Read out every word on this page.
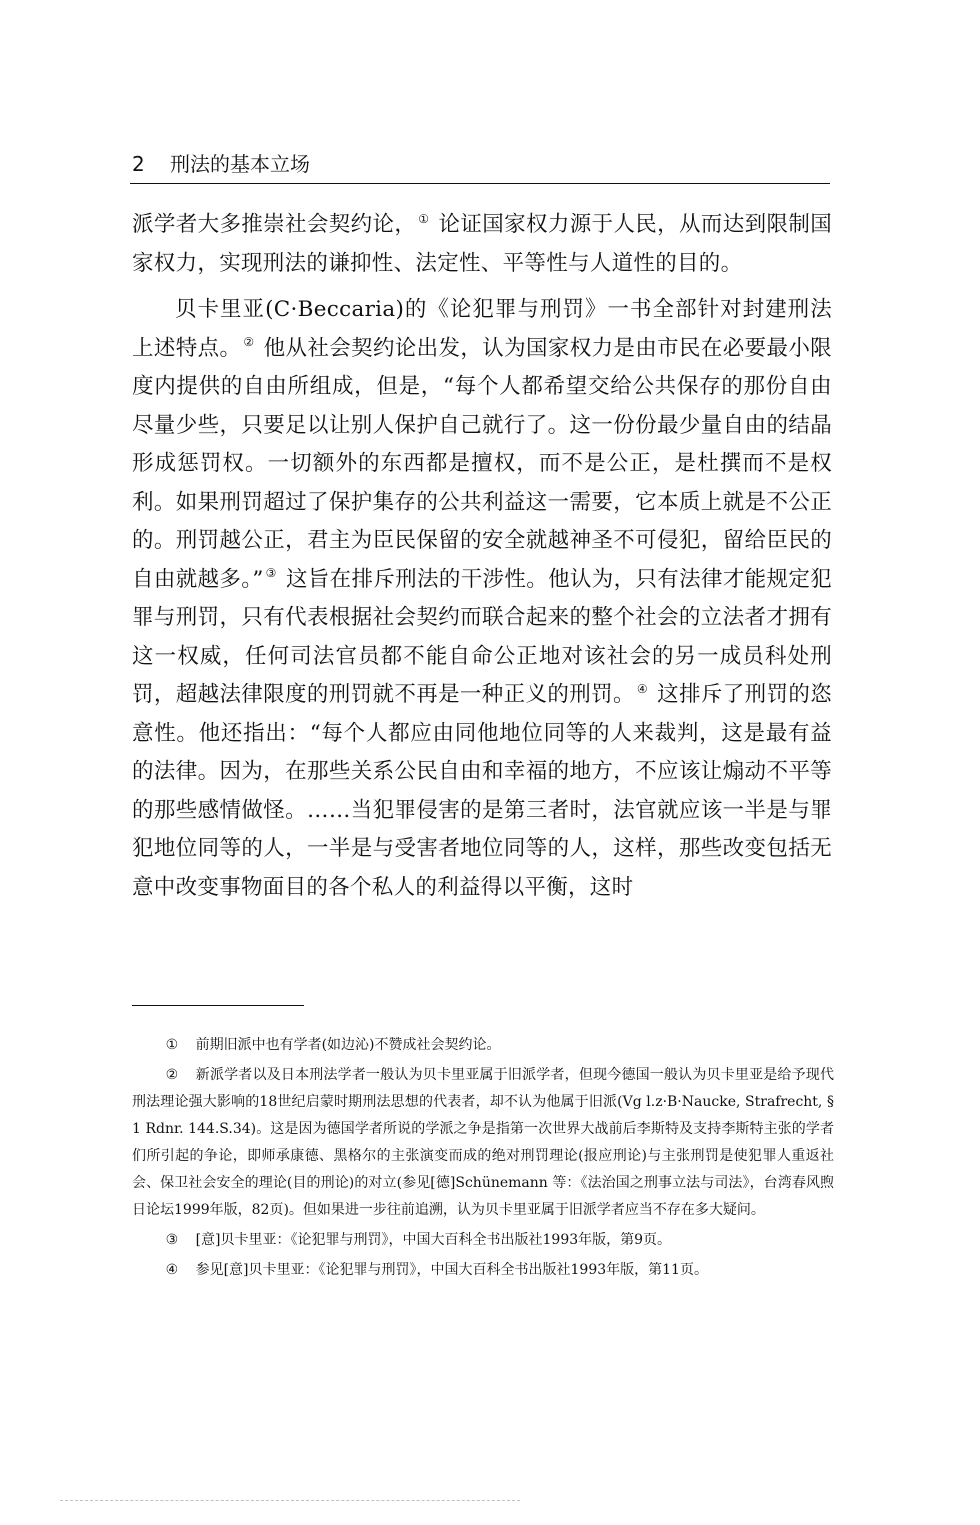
2 刑法的基本立场

派学者大多推崇社会契约论， ① 论证国家权力源于人民，从而达到限制国家权力，实现刑法的谦抑性、法定性、平等性与人道性的目的。

贝卡里亚(C·Beccaria)的《论犯罪与刑罚》一书全部针对封建刑法上述特点。 ② 他从社会契约论出发，认为国家权力是由市民在必要最小限度内提供的自由所组成，但是，“每个人都希望交给公共保存的那份自由尽量少些，只要足以让别人保护自己就行了。这一份份最少量自由的结晶形成惩罚权。一切额外的东西都是擅权，而不是公正，是杜撰而不是权利。如果刑罚超过了保护集存的公共利益这一需要，它本质上就是不公正的。刑罚越公正，君主为臣民保留的安全就越神圣不可侵犯，留给臣民的自由就越多。” ③ 这旨在排斥刑法的干涉性。他认为，只有法律才能规定犯罪与刑罚，只有代表根据社会契约而联合起来的整个社会的立法者才拥有这一权威，任何司法官员都不能自命公正地对该社会的另一成员科处刑罚，超越法律限度的刑罚就不再是一种正义的刑罚。 ④ 这排斥了刑罚的恣意性。他还指出：“每个人都应由同他地位同等的人来裁判，这是最有益的法律。因为，在那些关系公民自由和幸福的地方，不应该让煽动不平等的那些感情做怪。……当犯罪侵害的是第三者时，法官就应该一半是与罪犯地位同等的人，一半是与受害者地位同等的人，这样，那些改变包括无意中改变事物面目的各个私人的利益得以平衡，这时

① 前期旧派中也有学者(如边沁)不赞成社会契约论。

② 新派学者以及日本刑法学者一般认为贝卡里亚属于旧派学者，但现今德国一般认为贝卡里亚是给予现代刑法理论强大影响的18世纪启蒙时期刑法思想的代表者，却不认为他属于旧派(Vg l.z·B·Naucke, Strafrecht, § 1 Rdnr. 144.S.34)。这是因为德国学者所说的学派之争是指第一次世界大战前后李斯特及支持李斯特主张的学者们所引起的争论，即师承康德、黑格尔的主张演变而成的绝对刑罚理论(报应刑论)与主张刑罚是使犯罪人重返社会、保卫社会安全的理论(目的刑论)的对立(参见[德]Schünemann 等：《法治国之刑事立法与司法》，台湾春风煦日论坛1999年版，82页)。但如果进一步往前追溯，认为贝卡里亚属于旧派学者应当不存在多大疑问。

③ [意]贝卡里亚：《论犯罪与刑罚》，中国大百科全书出版社1993年版，第9页。

④ 参见[意]贝卡里亚：《论犯罪与刑罚》，中国大百科全书出版社1993年版，第11页。
